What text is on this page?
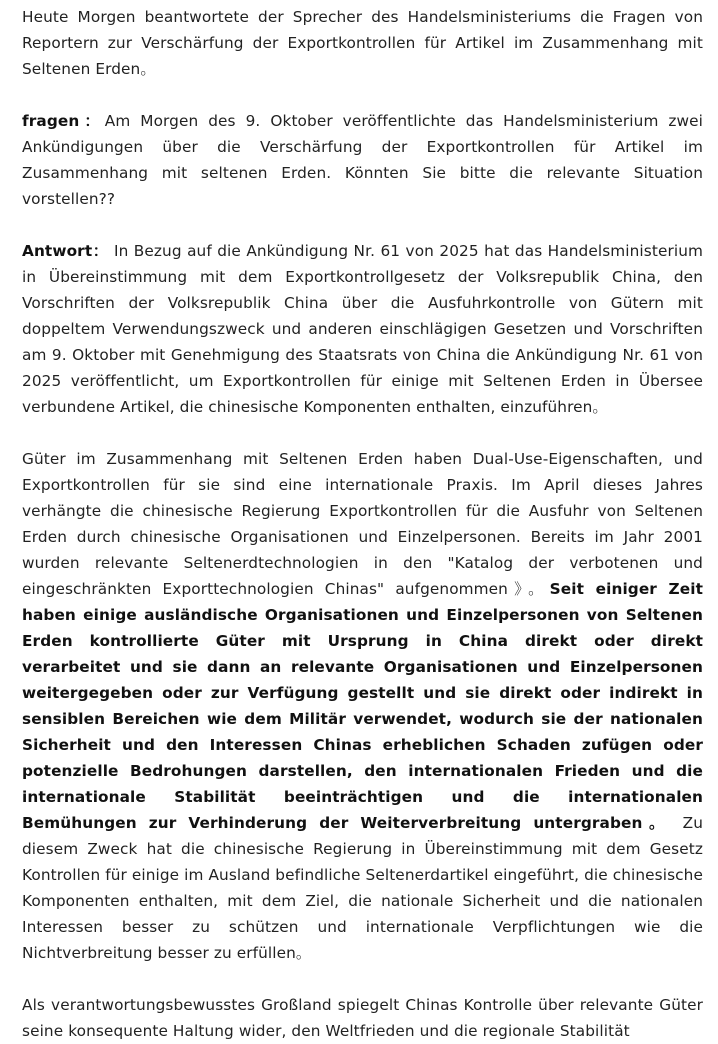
Heute Morgen beantwortete der Sprecher des Handelsministeriums die Fragen von Reportern zur Verschärfung der Exportkontrollen für Artikel im Zusammenhang mit Seltenen Erden。

fragen：Am Morgen des 9. Oktober veröffentlichte das Handelsministerium zwei Ankündigungen über die Verschärfung der Exportkontrollen für Artikel im Zusammenhang mit seltenen Erden. Könnten Sie bitte die relevante Situation vorstellen??

Antwort： In Bezug auf die Ankündigung Nr. 61 von 2025 hat das Handelsministerium in Übereinstimmung mit dem Exportkontrollgesetz der Volksrepublik China, den Vorschriften der Volksrepublik China über die Ausfuhrkontrolle von Gütern mit doppeltem Verwendungszweck und anderen einschlägigen Gesetzen und Vorschriften am 9. Oktober mit Genehmigung des Staatsrats von China die Ankündigung Nr. 61 von 2025 veröffentlicht, um Exportkontrollen für einige mit Seltenen Erden in Übersee verbundene Artikel, die chinesische Komponenten enthalten, einzuführen。

Güter im Zusammenhang mit Seltenen Erden haben Dual-Use-Eigenschaften, und Exportkontrollen für sie sind eine internationale Praxis. Im April dieses Jahres verhängte die chinesische Regierung Exportkontrollen für die Ausfuhr von Seltenen Erden durch chinesische Organisationen und Einzelpersonen. Bereits im Jahr 2001 wurden relevante Seltenerdtechnologien in den "Katalog der verbotenen und eingeschränkten Exporttechnologien Chinas" aufgenommen》。Seit einiger Zeit haben einige ausländische Organisationen und Einzelpersonen von Seltenen Erden kontrollierte Güter mit Ursprung in China direkt oder direkt verarbeitet und sie dann an relevante Organisationen und Einzelpersonen weitergegeben oder zur Verfügung gestellt und sie direkt oder indirekt in sensiblen Bereichen wie dem Militär verwendet, wodurch sie der nationalen Sicherheit und den Interessen Chinas erheblichen Schaden zufügen oder potenzielle Bedrohungen darstellen, den internationalen Frieden und die internationale Stabilität beeinträchtigen und die internationalen Bemühungen zur Verhinderung der Weiterverbreitung untergraben。 Zu diesem Zweck hat die chinesische Regierung in Übereinstimmung mit dem Gesetz Kontrollen für einige im Ausland befindliche Seltenerdartikel eingeführt, die chinesische Komponenten enthalten, mit dem Ziel, die nationale Sicherheit und die nationalen Interessen besser zu schützen und internationale Verpflichtungen wie die Nichtverbreitung besser zu erfüllen。

Als verantwortungsbewusstes Großland spiegelt Chinas Kontrolle über relevante Güter seine konsequente Haltung wider, den Weltfrieden und die regionale Stabilität
